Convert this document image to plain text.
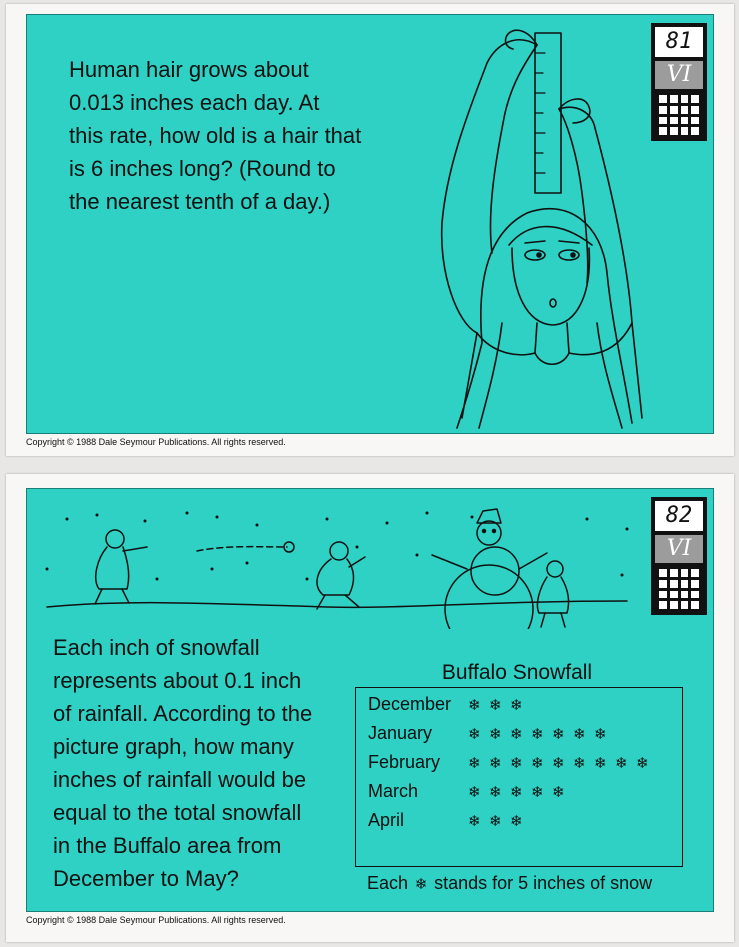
Human hair grows about
0.013 inches each day. At
this rate, how old is a hair that
is 6 inches long? (Round to
the nearest tenth of a day.)
81
VI
Copyright © 1988 Dale Seymour Publications. All rights reserved.
Each inch of snowfall
represents about 0.1 inch
of rainfall. According to the
picture graph, how many
inches of rainfall would be
equal to the total snowfall
in the Buffalo area from
December to May?
Buffalo Snowfall
December	❄ ❄ ❄
January	❄ ❄ ❄ ❄ ❄ ❄ ❄
February	❄ ❄ ❄ ❄ ❄ ❄ ❄ ❄ ❄
March	❄ ❄ ❄ ❄ ❄
April	❄ ❄ ❄
Each ❄ stands for 5 inches of snow
82
VI
Copyright © 1988 Dale Seymour Publications. All rights reserved.
